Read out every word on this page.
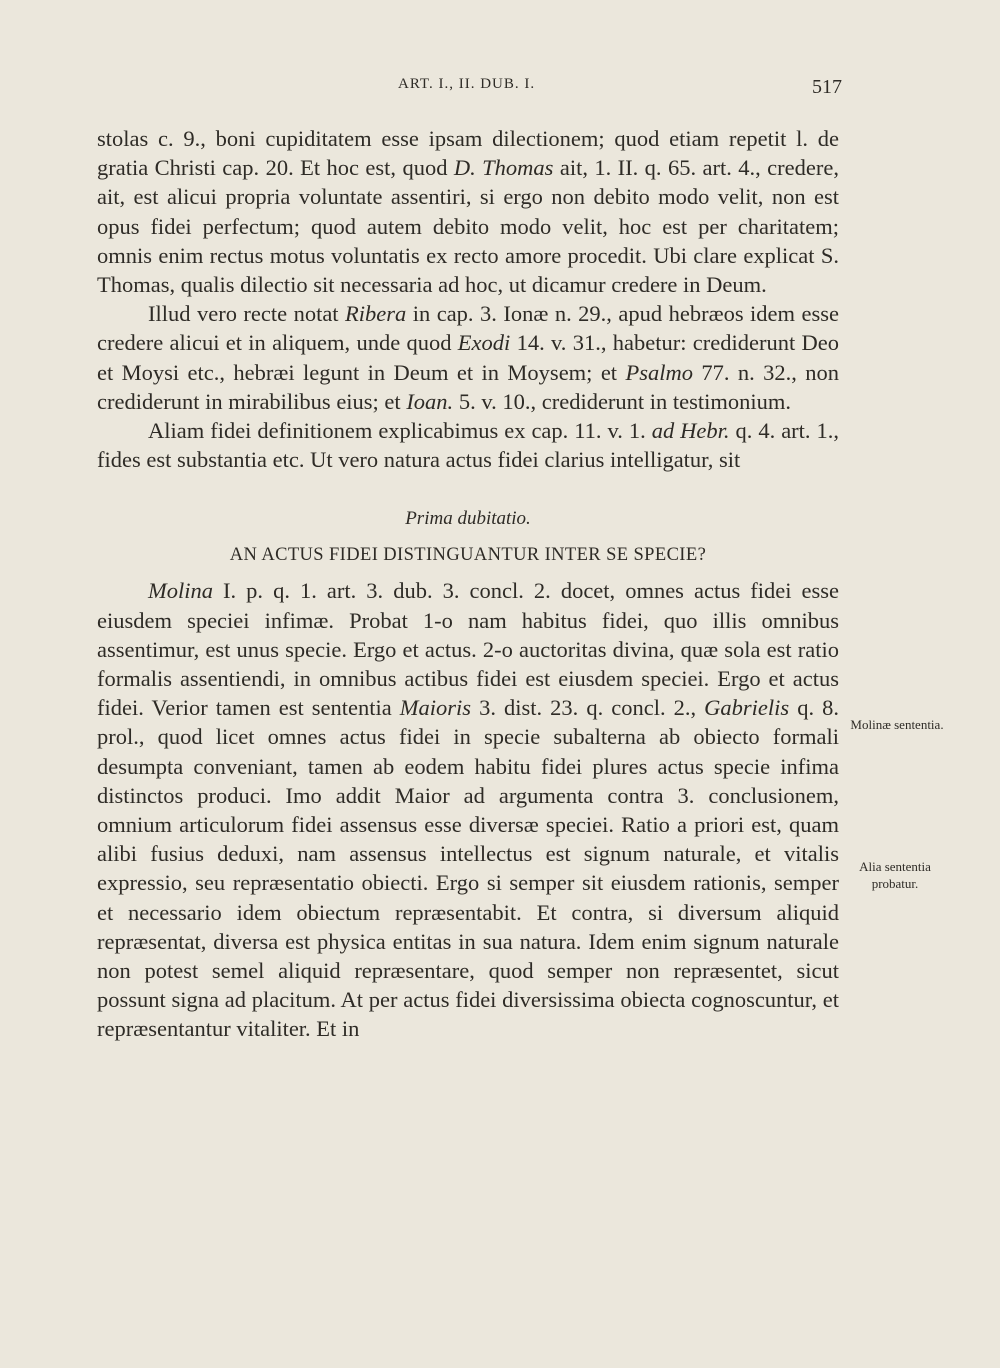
ART. I., II. DUB. I.	517

stolas c. 9., boni cupiditatem esse ipsam dilectionem; quod etiam repetit l. de gratia Christi cap. 20. Et hoc est, quod D. Thomas ait, 1. II. q. 65. art. 4., credere, ait, est alicui propria voluntate assentiri, si ergo non debito modo velit, non est opus fidei perfectum; quod autem debito modo velit, hoc est per charitatem; omnis enim rectus motus voluntatis ex recto amore procedit. Ubi clare explicat S. Thomas, qualis dilectio sit necessaria ad hoc, ut dicamur credere in Deum.

Illud vero recte notat Ribera in cap. 3. Ionæ n. 29., apud hebræos idem esse credere alicui et in aliquem, unde quod Exodi 14. v. 31., habetur: crediderunt Deo et Moysi etc., hebræi legunt in Deum et in Moysem; et Psalmo 77. n. 32., non crediderunt in mirabilibus eius; et Ioan. 5. v. 10., crediderunt in testimonium.

Aliam fidei definitionem explicabimus ex cap. 11. v. 1. ad Hebr. q. 4. art. 1., fides est substantia etc. Ut vero natura actus fidei clarius intelligatur, sit

Prima dubitatio.

AN ACTUS FIDEI DISTINGUANTUR INTER SE SPECIE?

Molina I. p. q. 1. art. 3. dub. 3. concl. 2. docet, omnes actus fidei esse eiusdem speciei infimæ. Probat 1-o nam habitus fidei, quo illis omnibus assentimur, est unus specie. Ergo et actus. 2-o auctoritas divina, quæ sola est ratio formalis assentiendi, in omnibus actibus fidei est eiusdem speciei. Ergo et actus fidei. Verior tamen est sententia Maioris 3. dist. 23. q. concl. 2., Gabrielis q. 8. prol., quod licet omnes actus fidei in specie subalterna ab obiecto formali desumpta conveniant, tamen ab eodem habitu fidei plures actus specie infima distinctos produci. Imo addit Maior ad argumenta contra 3. conclusionem, omnium articulorum fidei assensus esse diversæ speciei. Ratio a priori est, quam alibi fusius deduxi, nam assensus intellectus est signum naturale, et vitalis expressio, seu repræsentatio obiecti. Ergo si semper sit eiusdem rationis, semper et necessario idem obiectum repræsentabit. Et contra, si diversum aliquid repræsentat, diversa est physica entitas in sua natura. Idem enim signum naturale non potest semel aliquid repræsentare, quod semper non repræsentet, sicut possunt signa ad placitum. At per actus fidei diversissima obiecta cognoscuntur, et repræsentantur vitaliter. Et in

Molinæ sententia.
Alia sententia probatur.
